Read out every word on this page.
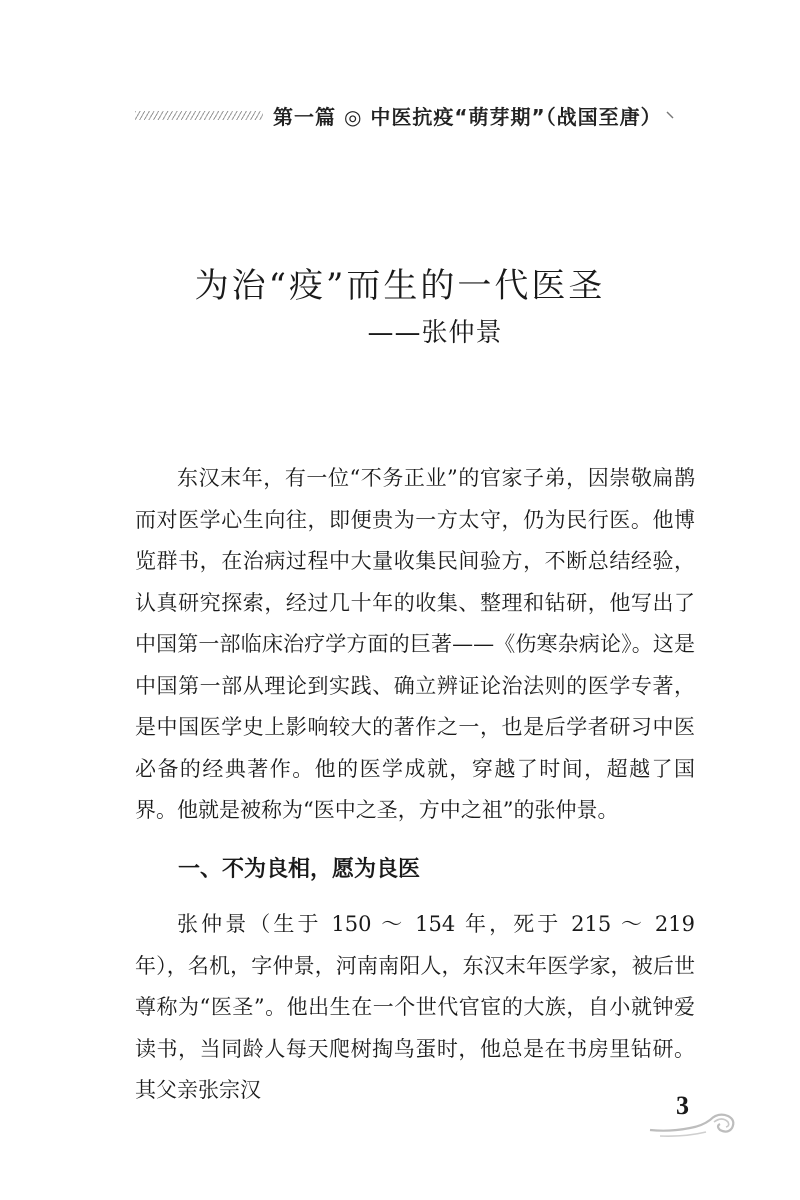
第一篇 ◎ 中医抗疫“萌芽期”（战国至唐）
为治“疫”而生的一代医圣
——张仲景

东汉末年，有一位“不务正业”的官家子弟，因崇敬扁鹊而对医学心生向往，即便贵为一方太守，仍为民行医。他博览群书，在治病过程中大量收集民间验方，不断总结经验，认真研究探索，经过几十年的收集、整理和钻研，他写出了中国第一部临床治疗学方面的巨著——《伤寒杂病论》。这是中国第一部从理论到实践、确立辨证论治法则的医学专著，是中国医学史上影响较大的著作之一，也是后学者研习中医必备的经典著作。他的医学成就，穿越了时间，超越了国界。他就是被称为“医中之圣，方中之祖”的张仲景。

一、不为良相，愿为良医

张仲景（生于 150 ～ 154 年，死于 215 ～ 219 年），名机，字仲景，河南南阳人，东汉末年医学家，被后世尊称为“医圣”。他出生在一个世代官宦的大族，自小就钟爱读书，当同龄人每天爬树掏鸟蛋时，他总是在书房里钻研。其父亲张宗汉

3
